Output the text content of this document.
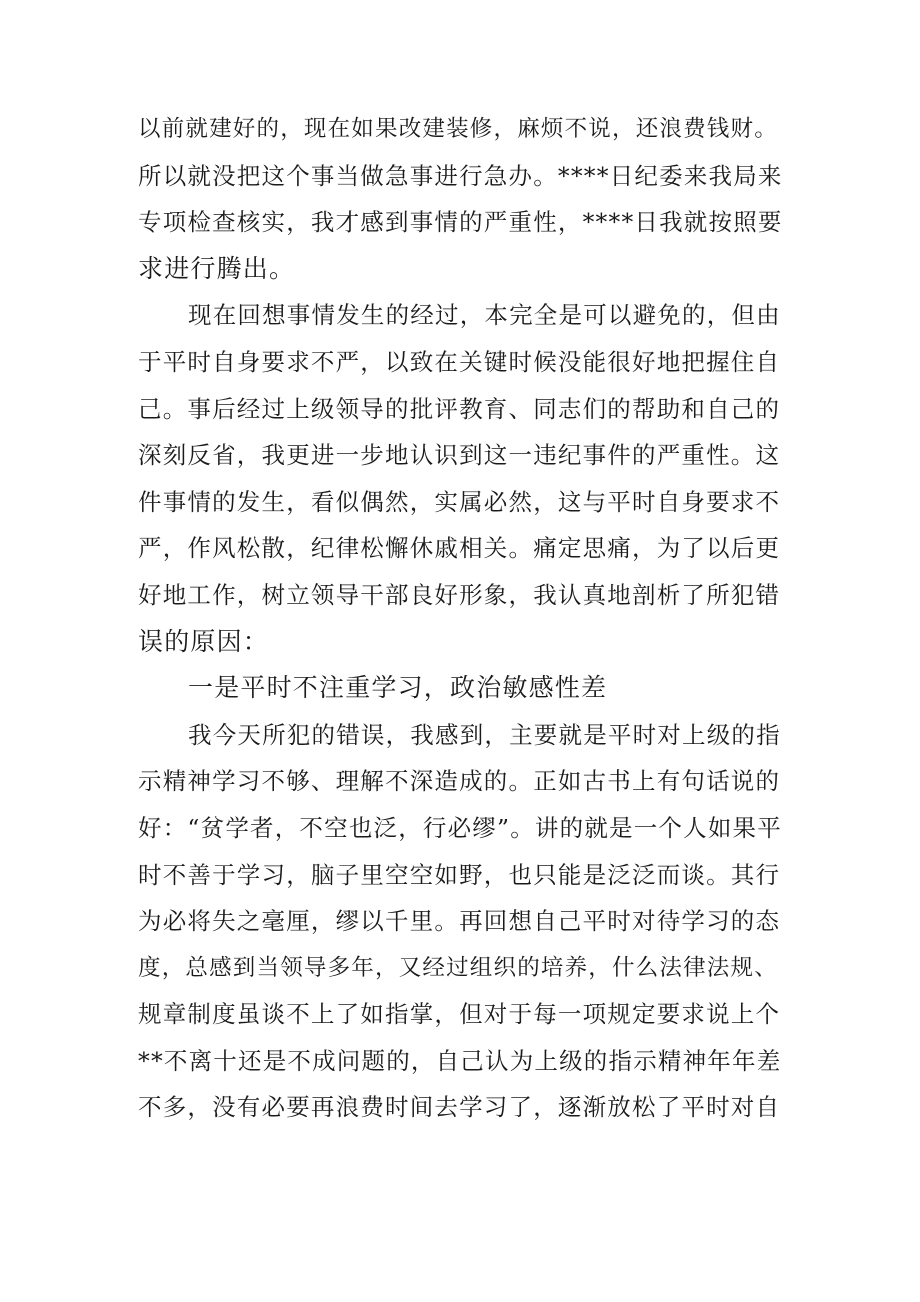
以前就建好的，现在如果改建装修，麻烦不说，还浪费钱财。
所以就没把这个事当做急事进行急办。****日纪委来我局来
专项检查核实，我才感到事情的严重性，****日我就按照要
求进行腾出。
现在回想事情发生的经过，本完全是可以避免的，但由
于平时自身要求不严，以致在关键时候没能很好地把握住自
己。事后经过上级领导的批评教育、同志们的帮助和自己的
深刻反省，我更进一步地认识到这一违纪事件的严重性。这
件事情的发生，看似偶然，实属必然，这与平时自身要求不
严，作风松散，纪律松懈休戚相关。痛定思痛，为了以后更
好地工作，树立领导干部良好形象，我认真地剖析了所犯错
误的原因：
一是平时不注重学习，政治敏感性差
我今天所犯的错误，我感到，主要就是平时对上级的指
示精神学习不够、理解不深造成的。正如古书上有句话说的
好：“贫学者，不空也泛，行必缪”。讲的就是一个人如果平
时不善于学习，脑子里空空如野，也只能是泛泛而谈。其行
为必将失之毫厘，缪以千里。再回想自己平时对待学习的态
度，总感到当领导多年，又经过组织的培养，什么法律法规、
规章制度虽谈不上了如指掌，但对于每一项规定要求说上个
**不离十还是不成问题的，自己认为上级的指示精神年年差
不多，没有必要再浪费时间去学习了，逐渐放松了平时对自
